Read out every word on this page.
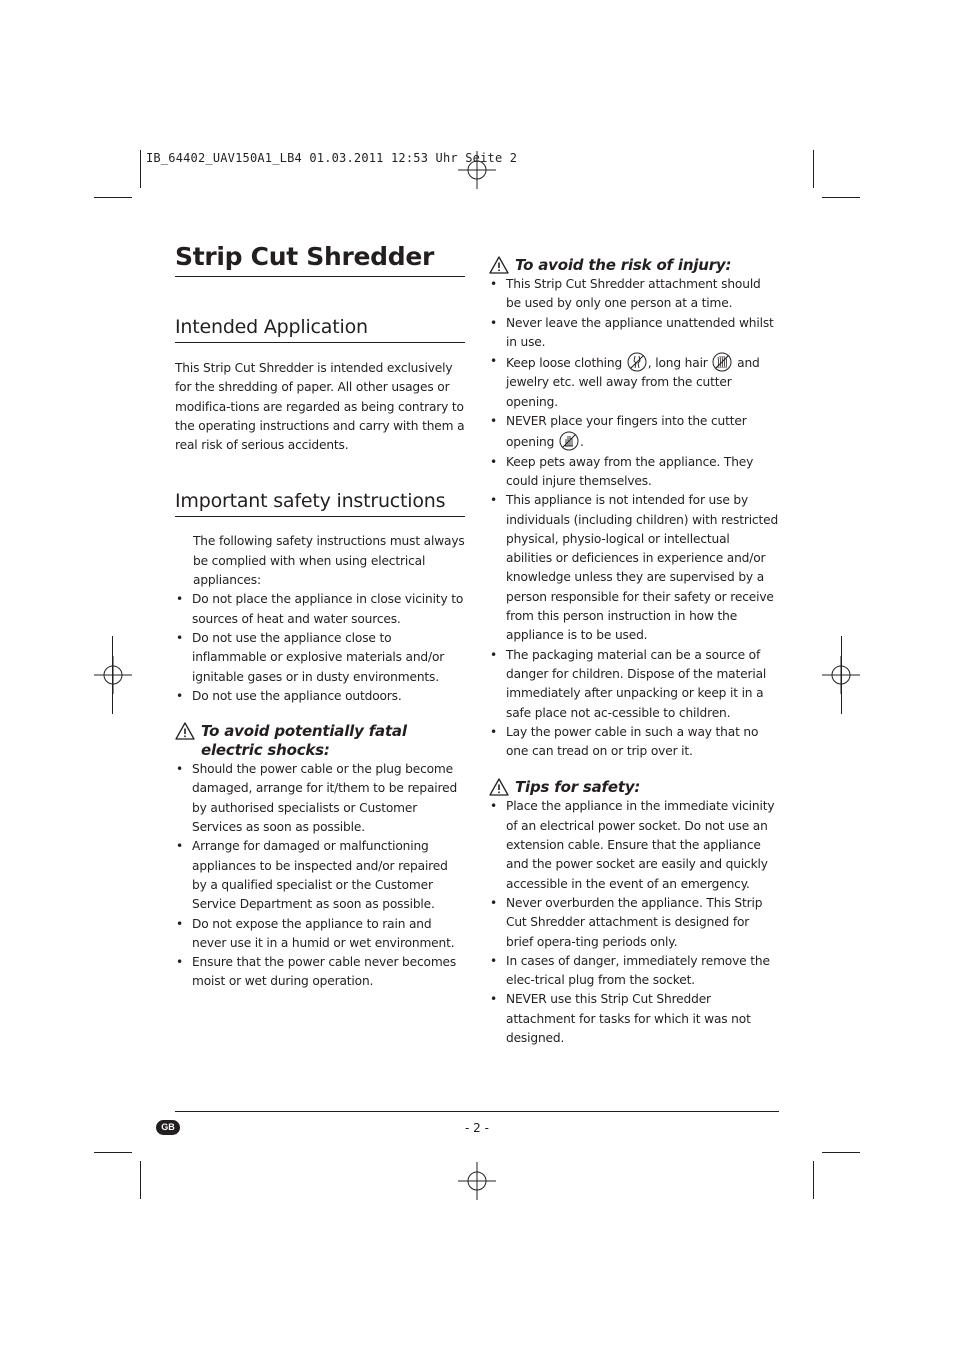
IB_64402_UAV150A1_LB4 01.03.2011 12:53 Uhr Seite 2
Strip Cut Shredder
Intended Application

This Strip Cut Shredder is intended exclusively for the shredding of paper. All other usages or modifica-tions are regarded as being contrary to the operating instructions and carry with them a real risk of serious accidents.

Important safety instructions

The following safety instructions must always be complied with when using electrical appliances:

• Do not place the appliance in close vicinity to sources of heat and water sources.
• Do not use the appliance close to inflammable or explosive materials and/or ignitable gases or in dusty environments.
• Do not use the appliance outdoors.
To avoid potentially fatal electric shocks:
• Should the power cable or the plug become damaged, arrange for it/them to be repaired by authorised specialists or Customer Services as soon as possible.
• Arrange for damaged or malfunctioning appliances to be inspected and/or repaired by a qualified specialist or the Customer Service Department as soon as possible.
• Do not expose the appliance to rain and never use it in a humid or wet environment.
• Ensure that the power cable never becomes moist or wet during operation.
To avoid the risk of injury:
• This Strip Cut Shredder attachment should be used by only one person at a time.
• Never leave the appliance unattended whilst in use.
• Keep loose clothing , long hair and jewelry etc. well away from the cutter opening.
• NEVER place your fingers into the cutter opening .
• Keep pets away from the appliance. They could injure themselves.
• This appliance is not intended for use by individuals (including children) with restricted physical, physio-logical or intellectual abilities or deficiences in experience and/or knowledge unless they are supervised by a person responsible for their safety or receive from this person instruction in how the appliance is to be used.
• The packaging material can be a source of danger for children. Dispose of the material immediately after unpacking or keep it in a safe place not ac-cessible to children.
• Lay the power cable in such a way that no one can tread on or trip over it.
Tips for safety:
• Place the appliance in the immediate vicinity of an electrical power socket. Do not use an extension cable. Ensure that the appliance and the power socket are easily and quickly accessible in the event of an emergency.
• Never overburden the appliance. This Strip Cut Shredder attachment is designed for brief opera-ting periods only.
• In cases of danger, immediately remove the elec-trical plug from the socket.
• NEVER use this Strip Cut Shredder attachment for tasks for which it was not designed.
GB	- 2 -
